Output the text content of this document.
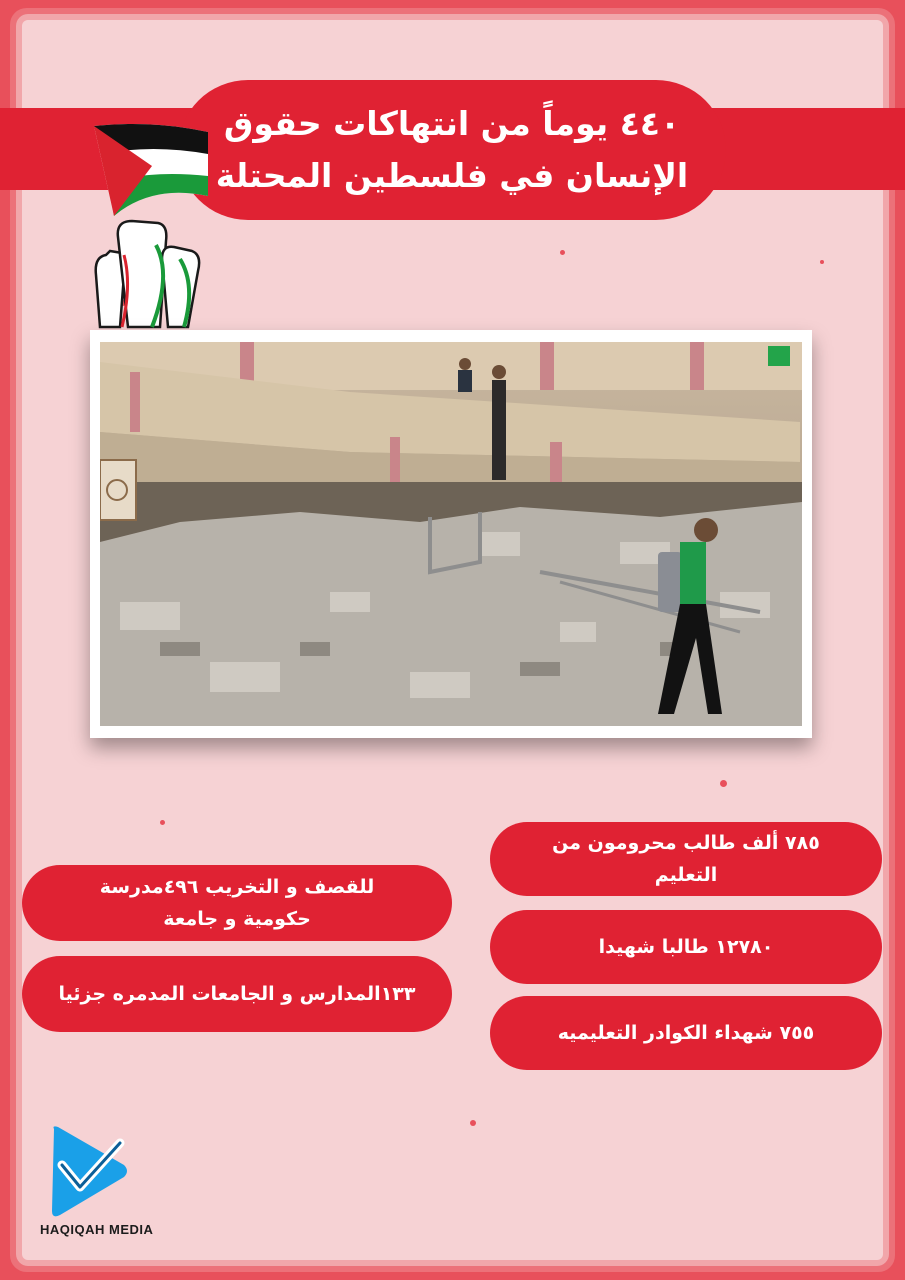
٤٤٠ يوماً من انتهاكات حقوق
الإنسان في فلسطين المحتلة
٧٨٥ ألف طالب محرومون من
التعليم
١٢٧٨٠ طالبا شهيدا
٧٥٥ شهداء الكوادر التعليميه
للقصف و التخريب ٤٩٦مدرسة
حكومية و جامعة
١٣٣المدارس و الجامعات المدمره جزئيا
HAQIQAH MEDIA
